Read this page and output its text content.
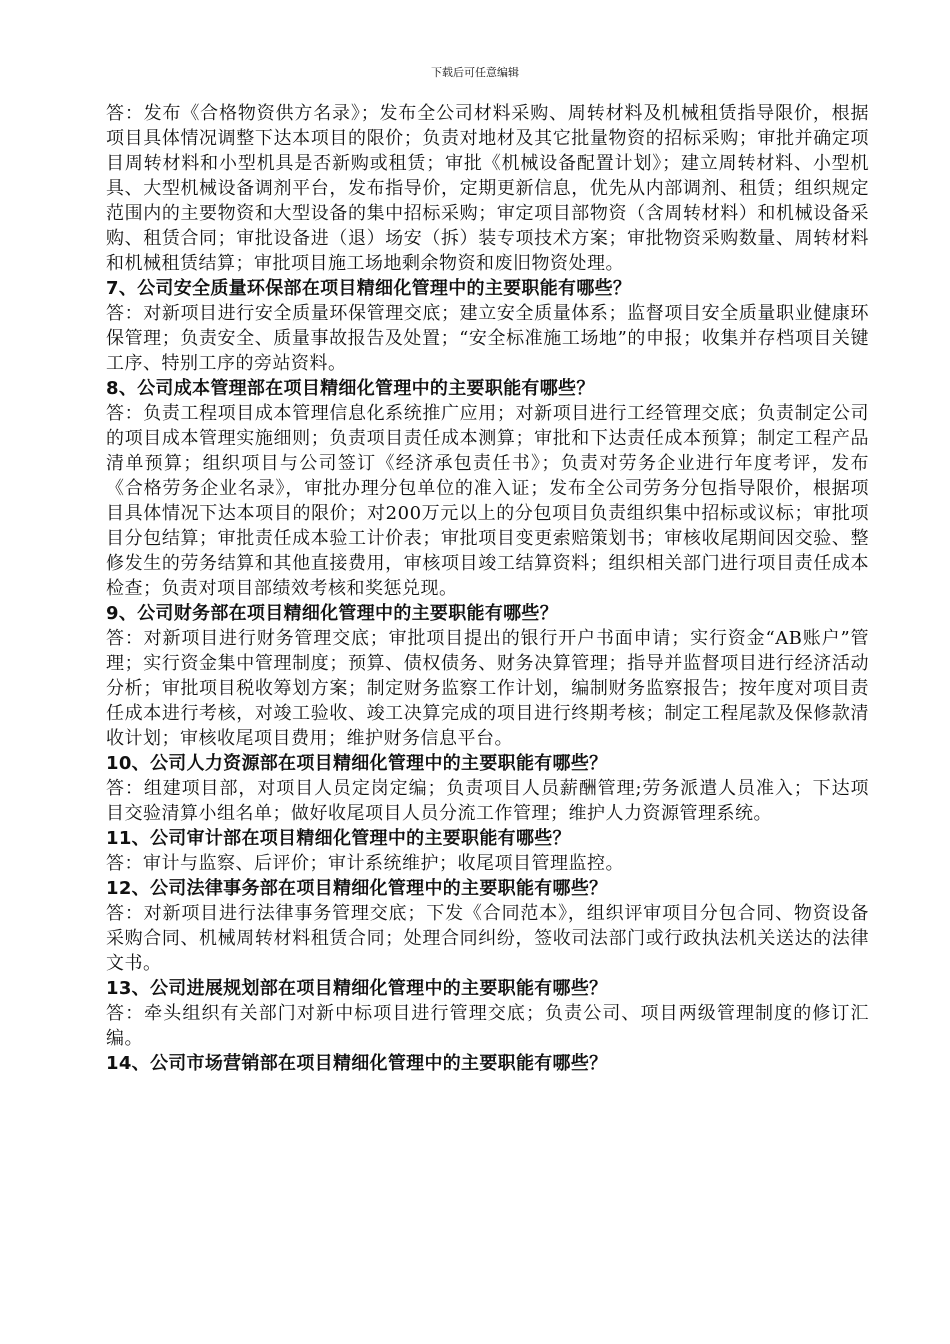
下载后可任意编辑

答：发布《合格物资供方名录》；发布全公司材料采购、周转材料及机械租赁指导限价，根据项目具体情况调整下达本项目的限价；负责对地材及其它批量物资的招标采购；审批并确定项目周转材料和小型机具是否新购或租赁；审批《机械设备配置计划》；建立周转材料、小型机具、大型机械设备调剂平台，发布指导价，定期更新信息，优先从内部调剂、租赁；组织规定范围内的主要物资和大型设备的集中招标采购；审定项目部物资（含周转材料）和机械设备采购、租赁合同；审批设备进（退）场安（拆）装专项技术方案；审批物资采购数量、周转材料和机械租赁结算；审批项目施工场地剩余物资和废旧物资处理。

7、公司安全质量环保部在项目精细化管理中的主要职能有哪些？

答：对新项目进行安全质量环保管理交底；建立安全质量体系；监督项目安全质量职业健康环保管理；负责安全、质量事故报告及处置；“安全标准施工场地”的申报；收集并存档项目关键工序、特别工序的旁站资料。

8、公司成本管理部在项目精细化管理中的主要职能有哪些？

答：负责工程项目成本管理信息化系统推广应用；对新项目进行工经管理交底；负责制定公司的项目成本管理实施细则；负责项目责任成本测算；审批和下达责任成本预算；制定工程产品清单预算；组织项目与公司签订《经济承包责任书》；负责对劳务企业进行年度考评，发布《合格劳务企业名录》，审批办理分包单位的准入证；发布全公司劳务分包指导限价，根据项目具体情况下达本项目的限价；对200万元以上的分包项目负责组织集中招标或议标；审批项目分包结算；审批责任成本验工计价表；审批项目变更索赔策划书；审核收尾期间因交验、整修发生的劳务结算和其他直接费用，审核项目竣工结算资料；组织相关部门进行项目责任成本检查；负责对项目部绩效考核和奖惩兑现。

9、公司财务部在项目精细化管理中的主要职能有哪些？

答：对新项目进行财务管理交底；审批项目提出的银行开户书面申请；实行资金“AB账户”管理；实行资金集中管理制度；预算、债权债务、财务决算管理；指导并监督项目进行经济活动分析；审批项目税收筹划方案；制定财务监察工作计划，编制财务监察报告；按年度对项目责任成本进行考核，对竣工验收、竣工决算完成的项目进行终期考核；制定工程尾款及保修款清收计划；审核收尾项目费用；维护财务信息平台。

10、公司人力资源部在项目精细化管理中的主要职能有哪些？

答：组建项目部，对项目人员定岗定编；负责项目人员薪酬管理;劳务派遣人员准入；下达项目交验清算小组名单；做好收尾项目人员分流工作管理；维护人力资源管理系统。

11、公司审计部在项目精细化管理中的主要职能有哪些？

答：审计与监察、后评价；审计系统维护；收尾项目管理监控。

12、公司法律事务部在项目精细化管理中的主要职能有哪些？

答：对新项目进行法律事务管理交底；下发《合同范本》，组织评审项目分包合同、物资设备采购合同、机械周转材料租赁合同；处理合同纠纷，签收司法部门或行政执法机关送达的法律文书。

13、公司进展规划部在项目精细化管理中的主要职能有哪些？

答：牵头组织有关部门对新中标项目进行管理交底；负责公司、项目两级管理制度的修订汇编。

14、公司市场营销部在项目精细化管理中的主要职能有哪些？
